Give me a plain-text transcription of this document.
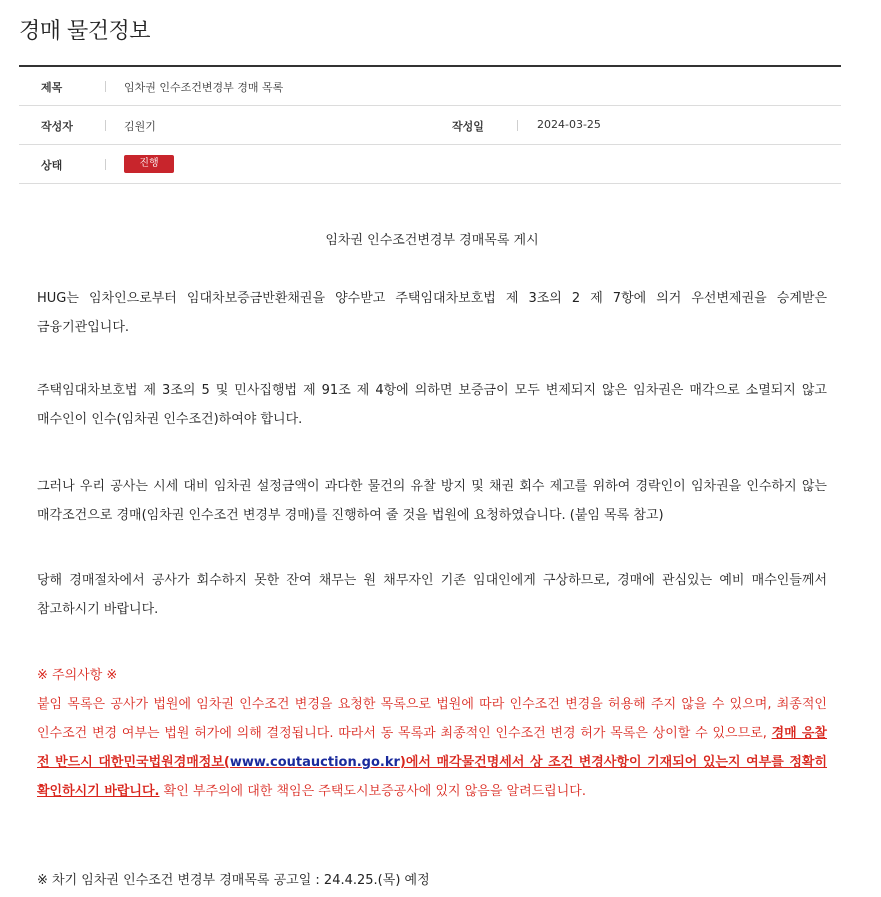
경매 물건정보
제목	임차권 인수조건변경부 경매 목록
작성자	김원기	작성일	2024-03-25
상태	진행

임차권 인수조건변경부 경매목록 게시

HUG는 임차인으로부터 임대차보증금반환채권을 양수받고 주택임대차보호법 제 3조의 2 제 7항에 의거 우선변제권을 승계받은 금융기관입니다.

주택임대차보호법 제 3조의 5 및 민사집행법 제 91조 제 4항에 의하면 보증금이 모두 변제되지 않은 임차권은 매각으로 소멸되지 않고 매수인이 인수(임차권 인수조건)하여야 합니다.

그러나 우리 공사는 시세 대비 임차권 설정금액이 과다한 물건의 유찰 방지 및 채권 회수 제고를 위하여 경락인이 임차권을 인수하지 않는 매각조건으로 경매(임차권 인수조건 변경부 경매)를 진행하여 줄 것을 법원에 요청하였습니다. (붙임 목록 참고)

당해 경매절차에서 공사가 회수하지 못한 잔여 채무는 원 채무자인 기존 임대인에게 구상하므로, 경매에 관심있는 예비 매수인들께서 참고하시기 바랍니다.

※ 주의사항 ※

붙임 목록은 공사가 법원에 임차권 인수조건 변경을 요청한 목록으로 법원에 따라 인수조건 변경을 허용해 주지 않을 수 있으며, 최종적인 인수조건 변경 여부는 법원 허가에 의해 결정됩니다. 따라서 동 목록과 최종적인 인수조건 변경 허가 목록은 상이할 수 있으므로, 경매 응찰 전 반드시 대한민국법원경매정보(www.coutauction.go.kr)에서 매각물건명세서 상 조건 변경사항이 기재되어 있는지 여부를 정확히 확인하시기 바랍니다. 확인 부주의에 대한 책임은 주택도시보증공사에 있지 않음을 알려드립니다.

※ 차기 임차권 인수조건 변경부 경매목록 공고일 : 24.4.25.(목) 예정
